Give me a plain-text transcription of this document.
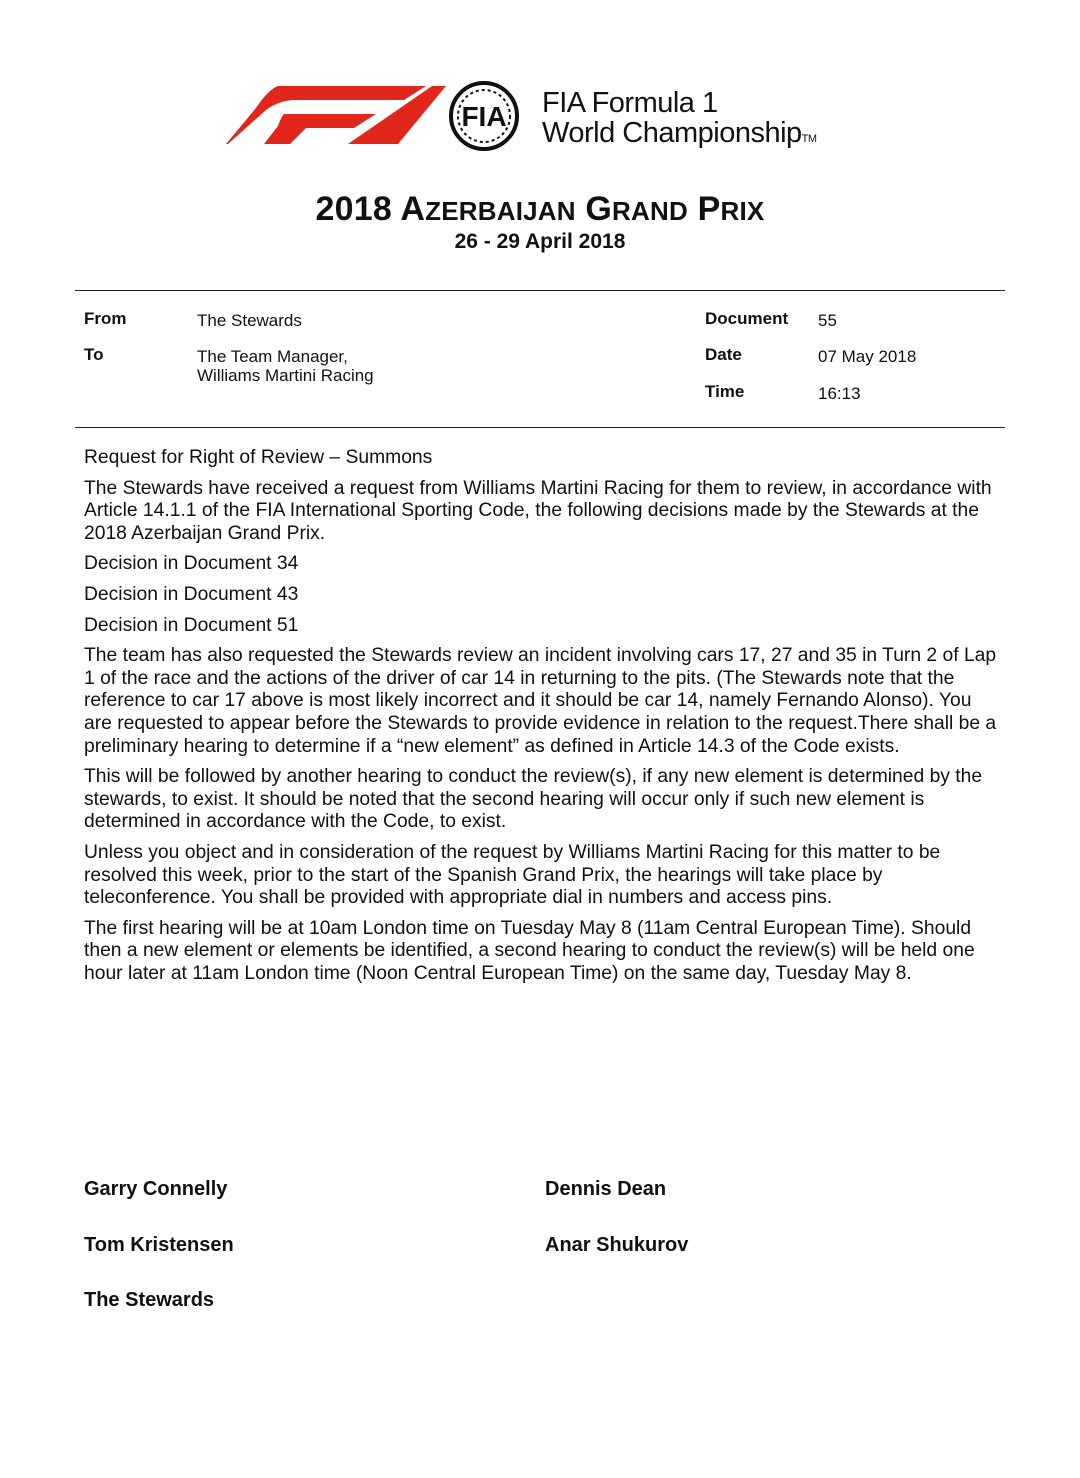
FIA FIA Formula 1
World ChampionshipTM
2018 AZERBAIJAN GRAND PRIX
26 - 29 April 2018
From	The Stewards
To	The Team Manager,
Williams Martini Racing
Document 55
Date	07 May 2018
Time	16:13

Request for Right of Review – Summons

The Stewards have received a request from Williams Martini Racing for them to review, in accordance with Article 14.1.1 of the FIA International Sporting Code, the following decisions made by the Stewards at the 2018 Azerbaijan Grand Prix.

Decision in Document 34

Decision in Document 43

Decision in Document 51

The team has also requested the Stewards review an incident involving cars 17, 27 and 35 in Turn 2 of Lap 1 of the race and the actions of the driver of car 14 in returning to the pits. (The Stewards note that the reference to car 17 above is most likely incorrect and it should be car 14, namely Fernando Alonso). You are requested to appear before the Stewards to provide evidence in relation to the request.There shall be a preliminary hearing to determine if a “new element” as defined in Article 14.3 of the Code exists.

This will be followed by another hearing to conduct the review(s), if any new element is determined by the stewards, to exist. It should be noted that the second hearing will occur only if such new element is determined in accordance with the Code, to exist.

Unless you object and in consideration of the request by Williams Martini Racing for this matter to be resolved this week, prior to the start of the Spanish Grand Prix, the hearings will take place by teleconference. You shall be provided with appropriate dial in numbers and access pins.

The first hearing will be at 10am London time on Tuesday May 8 (11am Central European Time). Should then a new element or elements be identified, a second hearing to conduct the review(s) will be held one hour later at 11am London time (Noon Central European Time) on the same day, Tuesday May 8.

Garry Connelly	Dennis Dean
Tom Kristensen	Anar Shukurov
The Stewards
